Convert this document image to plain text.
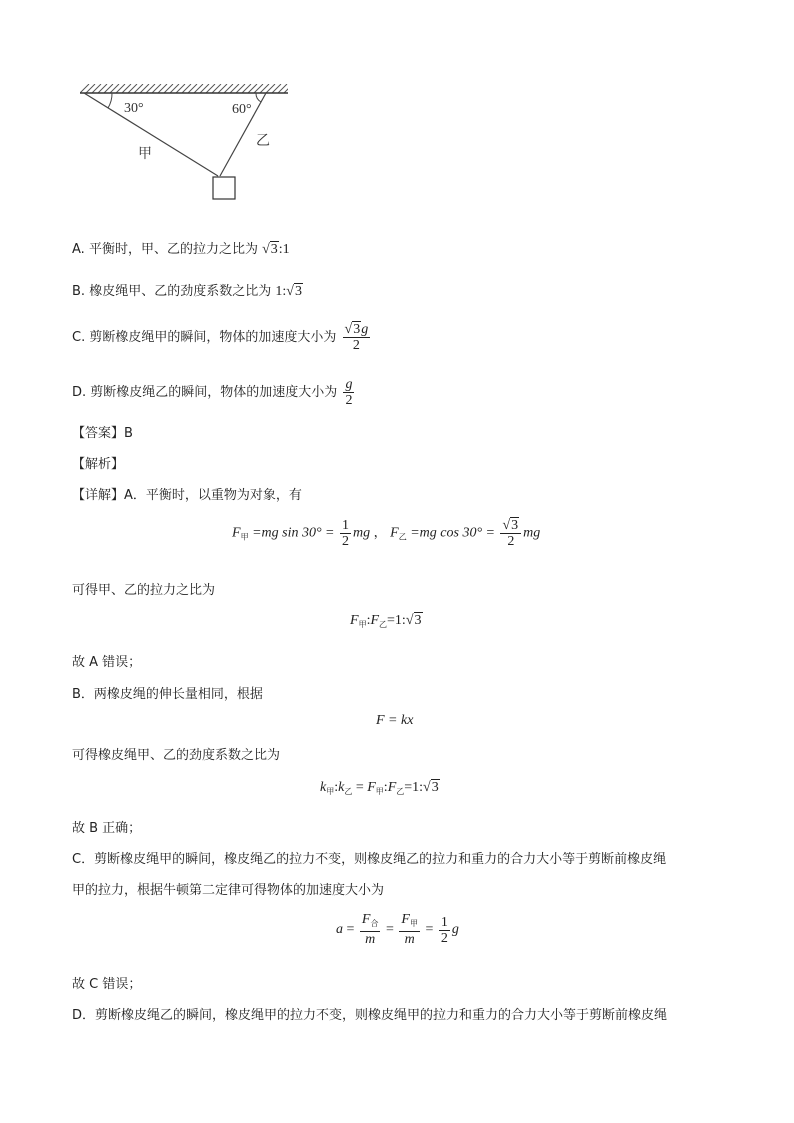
30°	60°
甲
乙
A. 平衡时，甲、乙的拉力之比为 √3:1
B. 橡皮绳甲、乙的劲度系数之比为 1:√3
C. 剪断橡皮绳甲的瞬间，物体的加速度大小为 $\frac{√3g}{2}$
D. 剪断橡皮绳乙的瞬间，物体的加速度大小为 $\frac{g}{2}$
【答案】B
【解析】
【详解】A．平衡时，以重物为对象，有
$F_甲 =mg$ $\sin 30^\circ = \frac{1}{2}$ mg ， $F_乙 =mg$ $\cos 30^\circ = \frac{√3}{2}$ mg
可得甲、乙的拉力之比为
$F_甲:F_乙=1:√3$
故 A 错误；
B．两橡皮绳的伸长量相同，根据
F = kx
可得橡皮绳甲、乙的劲度系数之比为
$k_甲:k_乙$ = $F_甲:F_乙=1:√3$
故 B 正确；
C．剪断橡皮绳甲的瞬间，橡皮绳乙的拉力不变，则橡皮绳乙的拉力和重力的合力大小等于剪断前橡皮绳
甲的拉力，根据牛顿第二定律可得物体的加速度大小为
$a = \frac{F_合}{m} = \frac{F_甲}{m} = \frac{1}{2}$ g
故 C 错误；
D．剪断橡皮绳乙的瞬间，橡皮绳甲的拉力不变，则橡皮绳甲的拉力和重力的合力大小等于剪断前橡皮绳
